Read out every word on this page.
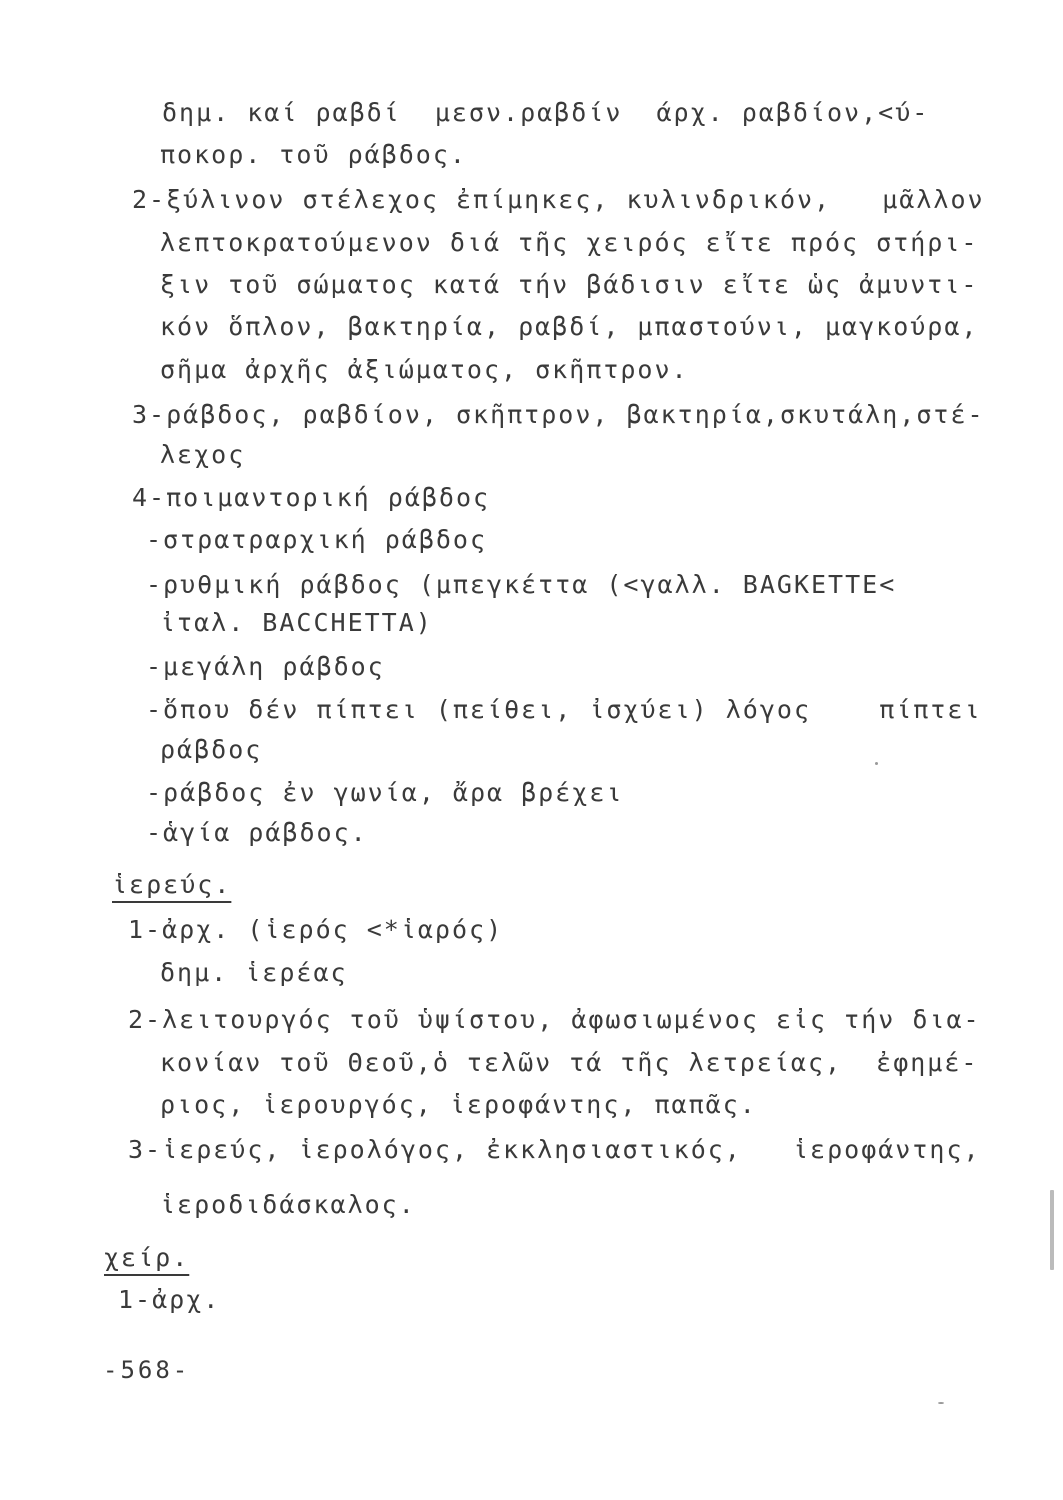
δημ. καί ραβδί  μεσν.ραβδίν  άρχ. ραβδίον,<ύ-
ποκορ. τοῦ ράβδος.
2-ξύλινον στέλεχος ἐπίμηκες, κυλινδρικόν,   μᾶλλον
λεπτοκρατούμενον διά τῆς χειρός εἴτε πρός στήρι-
ξιν τοῦ σώματος κατά τήν βάδισιν εἴτε ὡς ἀμυντι-
κόν ὅπλον, βακτηρία, ραβδί, μπαστούνι, μαγκούρα,
σῆμα ἀρχῆς ἀξιώματος, σκῆπτρον.
3-ράβδος, ραβδίον, σκῆπτρον, βακτηρία,σκυτάλη,στέ-
λεχος
4-ποιμαντορική ράβδος
-στρατραρχική ράβδος
-ρυθμική ράβδος (μπεγκέττα (<γαλλ. BAGKETTE<
ἰταλ. BACCHETTA)
-μεγάλη ράβδος
-ὅπου δέν πίπτει (πείθει, ἰσχύει) λόγος    πίπτει
ράβδος
-ράβδος ἐν γωνία, ἄρα βρέχει
-ἁγία ράβδος.
ἱερεύς.
1-ἀρχ. (ἱερός <*ἱαρός)
δημ. ἱερέας
2-λειτουργός τοῦ ὑψίστου, ἀφωσιωμένος εἰς τήν δια-
κονίαν τοῦ Θεοῦ,ὁ τελῶν τά τῆς λετρείας,  ἐφημέ-
ριος, ἱερουργός, ἱεροφάντης, παπᾶς.
3-ἱερεύς, ἱερολόγος, ἐκκλησιαστικός,   ἱεροφάντης,
ἱεροδιδάσκαλος.
χείρ.
1-ἀρχ.
-568-
